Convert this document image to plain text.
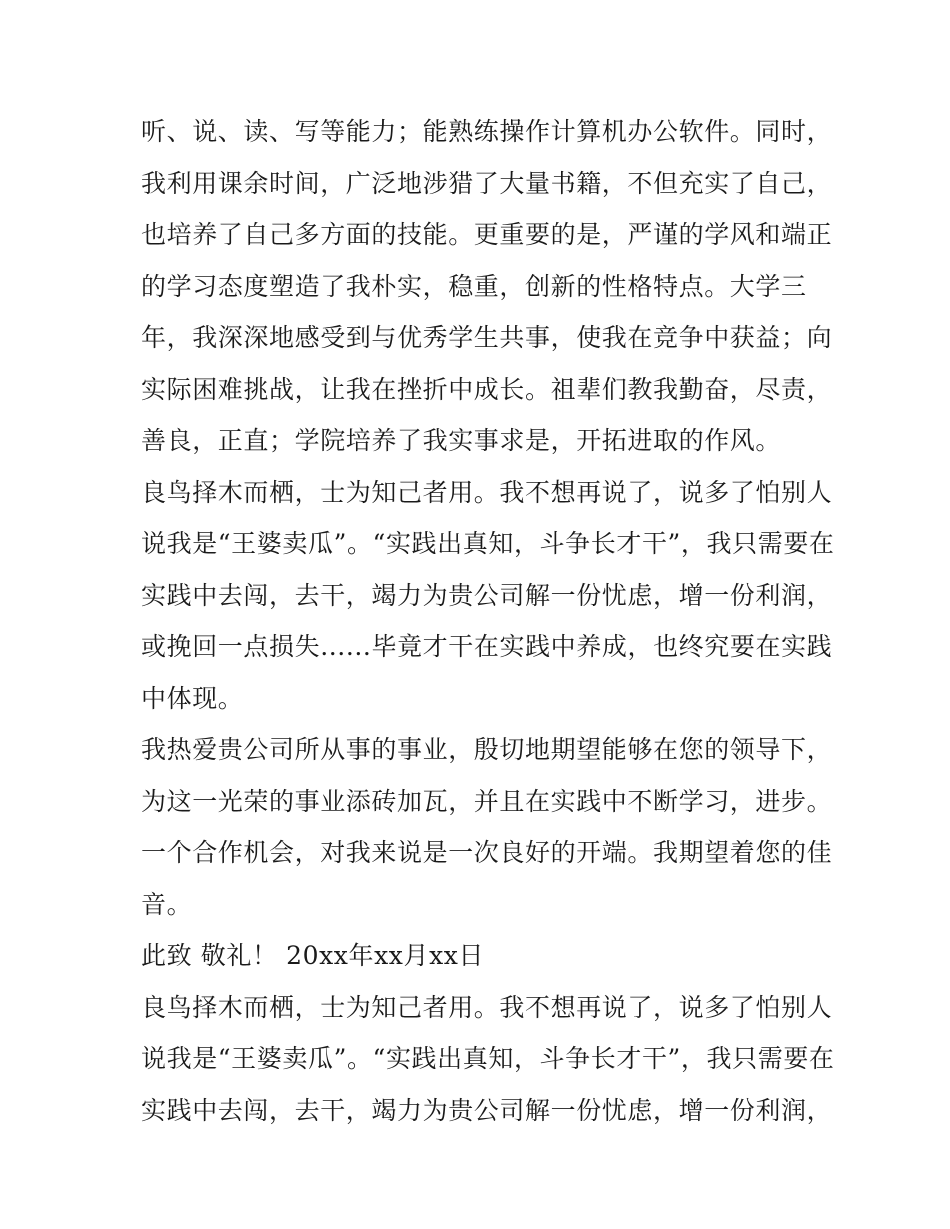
听、说、读、写等能力；能熟练操作计算机办公软件。同时，
我利用课余时间，广泛地涉猎了大量书籍，不但充实了自己，
也培养了自己多方面的技能。更重要的是，严谨的学风和端正
的学习态度塑造了我朴实，稳重，创新的性格特点。大学三
年，我深深地感受到与优秀学生共事，使我在竞争中获益；向
实际困难挑战，让我在挫折中成长。祖辈们教我勤奋，尽责，
善良，正直；学院培养了我实事求是，开拓进取的作风。
良鸟择木而栖，士为知己者用。我不想再说了，说多了怕别人
说我是“王婆卖瓜”。“实践出真知，斗争长才干”，我只需要在
实践中去闯，去干，竭力为贵公司解一份忧虑，增一份利润，
或挽回一点损失......毕竟才干在实践中养成，也终究要在实践
中体现。
我热爱贵公司所从事的事业，殷切地期望能够在您的领导下，
为这一光荣的事业添砖加瓦，并且在实践中不断学习，进步。
一个合作机会，对我来说是一次良好的开端。我期望着您的佳
音。
此致 敬礼！ 20xx年xx月xx日
良鸟择木而栖，士为知己者用。我不想再说了，说多了怕别人
说我是“王婆卖瓜”。“实践出真知，斗争长才干”，我只需要在
实践中去闯，去干，竭力为贵公司解一份忧虑，增一份利润，
